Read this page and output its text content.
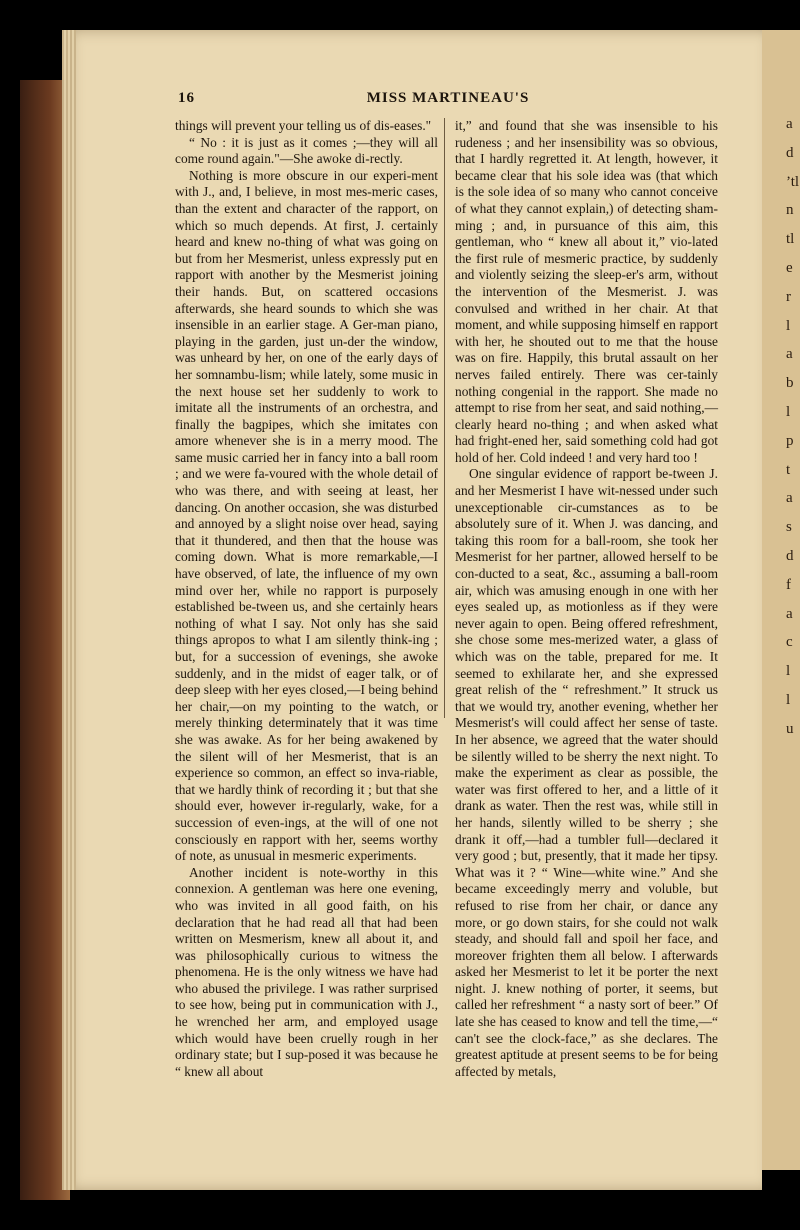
a
d
’tl
n
tl
e
r
l
a
b
l
p
t
a
s
d
f
a
c
l
l
u
16	MISS MARTINEAU'S

things will prevent your telling us of dis-eases."

“ No : it is just as it comes ;—they will all come round again."—She awoke di-rectly.

Nothing is more obscure in our experi-ment with J., and, I believe, in most mes-meric cases, than the extent and character of the rapport, on which so much depends. At first, J. certainly heard and knew no-thing of what was going on but from her Mesmerist, unless expressly put en rapport with another by the Mesmerist joining their hands. But, on scattered occasions afterwards, she heard sounds to which she was insensible in an earlier stage. A Ger-man piano, playing in the garden, just un-der the window, was unheard by her, on one of the early days of her somnambu-lism; while lately, some music in the next house set her suddenly to work to imitate all the instruments of an orchestra, and finally the bagpipes, which she imitates con amore whenever she is in a merry mood. The same music carried her in fancy into a ball room ; and we were fa-voured with the whole detail of who was there, and with seeing at least, her dancing. On another occasion, she was disturbed and annoyed by a slight noise over head, saying that it thundered, and then that the house was coming down. What is more remarkable,—I have observed, of late, the influence of my own mind over her, while no rapport is purposely established be-tween us, and she certainly hears nothing of what I say. Not only has she said things apropos to what I am silently think-ing ; but, for a succession of evenings, she awoke suddenly, and in the midst of eager talk, or of deep sleep with her eyes closed,—I being behind her chair,—on my pointing to the watch, or merely thinking determinately that it was time she was awake. As for her being awakened by the silent will of her Mesmerist, that is an experience so common, an effect so inva-riable, that we hardly think of recording it ; but that she should ever, however ir-regularly, wake, for a succession of even-ings, at the will of one not consciously en rapport with her, seems worthy of note, as unusual in mesmeric experiments.

Another incident is note-worthy in this connexion. A gentleman was here one evening, who was invited in all good faith, on his declaration that he had read all that had been written on Mesmerism, knew all about it, and was philosophically curious to witness the phenomena. He is the only witness we have had who abused the privilege. I was rather surprised to see how, being put in communication with J., he wrenched her arm, and employed usage which would have been cruelly rough in her ordinary state; but I sup-posed it was because he “ knew all about

it,” and found that she was insensible to his rudeness ; and her insensibility was so obvious, that I hardly regretted it. At length, however, it became clear that his sole idea was (that which is the sole idea of so many who cannot conceive of what they cannot explain,) of detecting sham-ming ; and, in pursuance of this aim, this gentleman, who “ knew all about it,” vio-lated the first rule of mesmeric practice, by suddenly and violently seizing the sleep-er's arm, without the intervention of the Mesmerist. J. was convulsed and writhed in her chair. At that moment, and while supposing himself en rapport with her, he shouted out to me that the house was on fire. Happily, this brutal assault on her nerves failed entirely. There was cer-tainly nothing congenial in the rapport. She made no attempt to rise from her seat, and said nothing,—clearly heard no-thing ; and when asked what had fright-ened her, said something cold had got hold of her. Cold indeed ! and very hard too !

One singular evidence of rapport be-tween J. and her Mesmerist I have wit-nessed under such unexceptionable cir-cumstances as to be absolutely sure of it. When J. was dancing, and taking this room for a ball-room, she took her Mesmerist for her partner, allowed herself to be con-ducted to a seat, &c., assuming a ball-room air, which was amusing enough in one with her eyes sealed up, as motionless as if they were never again to open. Being offered refreshment, she chose some mes-merized water, a glass of which was on the table, prepared for me. It seemed to exhilarate her, and she expressed great relish of the “ refreshment.” It struck us that we would try, another evening, whether her Mesmerist's will could affect her sense of taste. In her absence, we agreed that the water should be silently willed to be sherry the next night. To make the experiment as clear as possible, the water was first offered to her, and a little of it drank as water. Then the rest was, while still in her hands, silently willed to be sherry ; she drank it off,—had a tumbler full—declared it very good ; but, presently, that it made her tipsy. What was it ? “ Wine—white wine.” And she became exceedingly merry and voluble, but refused to rise from her chair, or dance any more, or go down stairs, for she could not walk steady, and should fall and spoil her face, and moreover frighten them all below. I afterwards asked her Mesmerist to let it be porter the next night. J. knew nothing of porter, it seems, but called her refreshment “ a nasty sort of beer.” Of late she has ceased to know and tell the time,—“ can't see the clock-face,” as she declares. The greatest aptitude at present seems to be for being affected by metals,
